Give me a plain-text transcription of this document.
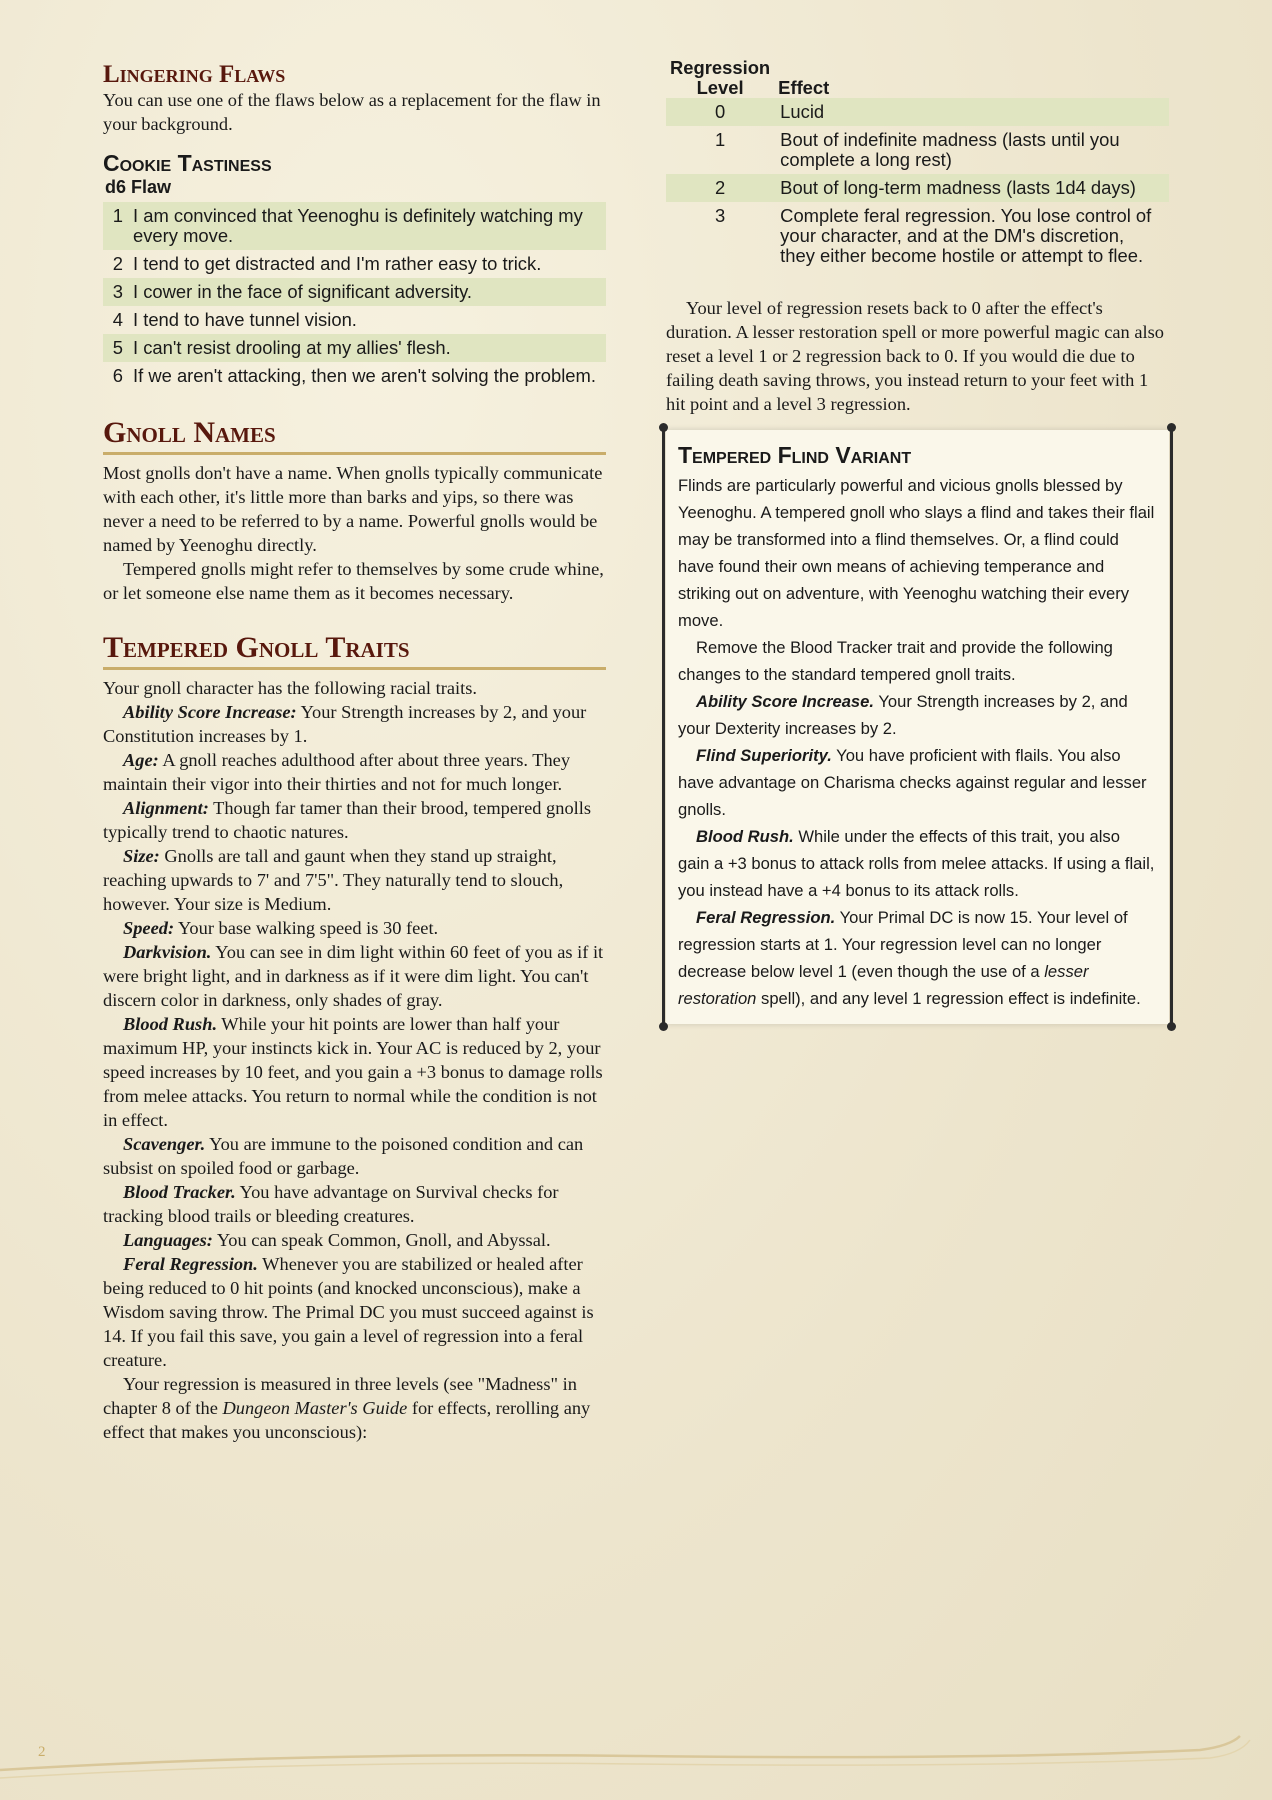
Lingering Flaws

You can use one of the flaws below as a replacement for the flaw in your background.

Cookie Tastiness
d6 Flaw
1	I am convinced that Yeenoghu is definitely watching my every move.
2	I tend to get distracted and I'm rather easy to trick.
3	I cower in the face of significant adversity.
4	I tend to have tunnel vision.
5	I can't resist drooling at my allies' flesh.
6	If we aren't attacking, then we aren't solving the problem.
Gnoll Names

Most gnolls don't have a name. When gnolls typically communicate with each other, it's little more than barks and yips, so there was never a need to be referred to by a name. Powerful gnolls would be named by Yeenoghu directly.

Tempered gnolls might refer to themselves by some crude whine, or let someone else name them as it becomes necessary.

Tempered Gnoll Traits

Your gnoll character has the following racial traits.

Ability Score Increase: Your Strength increases by 2, and your Constitution increases by 1.

Age: A gnoll reaches adulthood after about three years. They maintain their vigor into their thirties and not for much longer.

Alignment: Though far tamer than their brood, tempered gnolls typically trend to chaotic natures.

Size: Gnolls are tall and gaunt when they stand up straight, reaching upwards to 7' and 7'5". They naturally tend to slouch, however. Your size is Medium.

Speed: Your base walking speed is 30 feet.

Darkvision. You can see in dim light within 60 feet of you as if it were bright light, and in darkness as if it were dim light. You can't discern color in darkness, only shades of gray.

Blood Rush. While your hit points are lower than half your maximum HP, your instincts kick in. Your AC is reduced by 2, your speed increases by 10 feet, and you gain a +3 bonus to damage rolls from melee attacks. You return to normal while the condition is not in effect.

Scavenger. You are immune to the poisoned condition and can subsist on spoiled food or garbage.

Blood Tracker. You have advantage on Survival checks for tracking blood trails or bleeding creatures.

Languages: You can speak Common, Gnoll, and Abyssal.

Feral Regression. Whenever you are stabilized or healed after being reduced to 0 hit points (and knocked unconscious), make a Wisdom saving throw. The Primal DC you must succeed against is 14. If you fail this save, you gain a level of regression into a feral creature.

Your regression is measured in three levels (see "Madness" in chapter 8 of the Dungeon Master's Guide for effects, rerolling any effect that makes you unconscious):

Regression
Level	Effect
0	Lucid
1	Bout of indefinite madness (lasts until you complete a long rest)
2	Bout of long-term madness (lasts 1d4 days)
3	Complete feral regression. You lose control of your character, and at the DM's discretion, they either become hostile or attempt to flee.

Your level of regression resets back to 0 after the effect's duration. A lesser restoration spell or more powerful magic can also reset a level 1 or 2 regression back to 0. If you would die due to failing death saving throws, you instead return to your feet with 1 hit point and a level 3 regression.

Tempered Flind Variant

Flinds are particularly powerful and vicious gnolls blessed by Yeenoghu. A tempered gnoll who slays a flind and takes their flail may be transformed into a flind themselves. Or, a flind could have found their own means of achieving temperance and striking out on adventure, with Yeenoghu watching their every move.

Remove the Blood Tracker trait and provide the following changes to the standard tempered gnoll traits.

Ability Score Increase. Your Strength increases by 2, and your Dexterity increases by 2.

Flind Superiority. You have proficient with flails. You also have advantage on Charisma checks against regular and lesser gnolls.

Blood Rush. While under the effects of this trait, you also gain a +3 bonus to attack rolls from melee attacks. If using a flail, you instead have a +4 bonus to its attack rolls.

Feral Regression. Your Primal DC is now 15. Your level of regression starts at 1. Your regression level can no longer decrease below level 1 (even though the use of a lesser restoration spell), and any level 1 regression effect is indefinite.

2
